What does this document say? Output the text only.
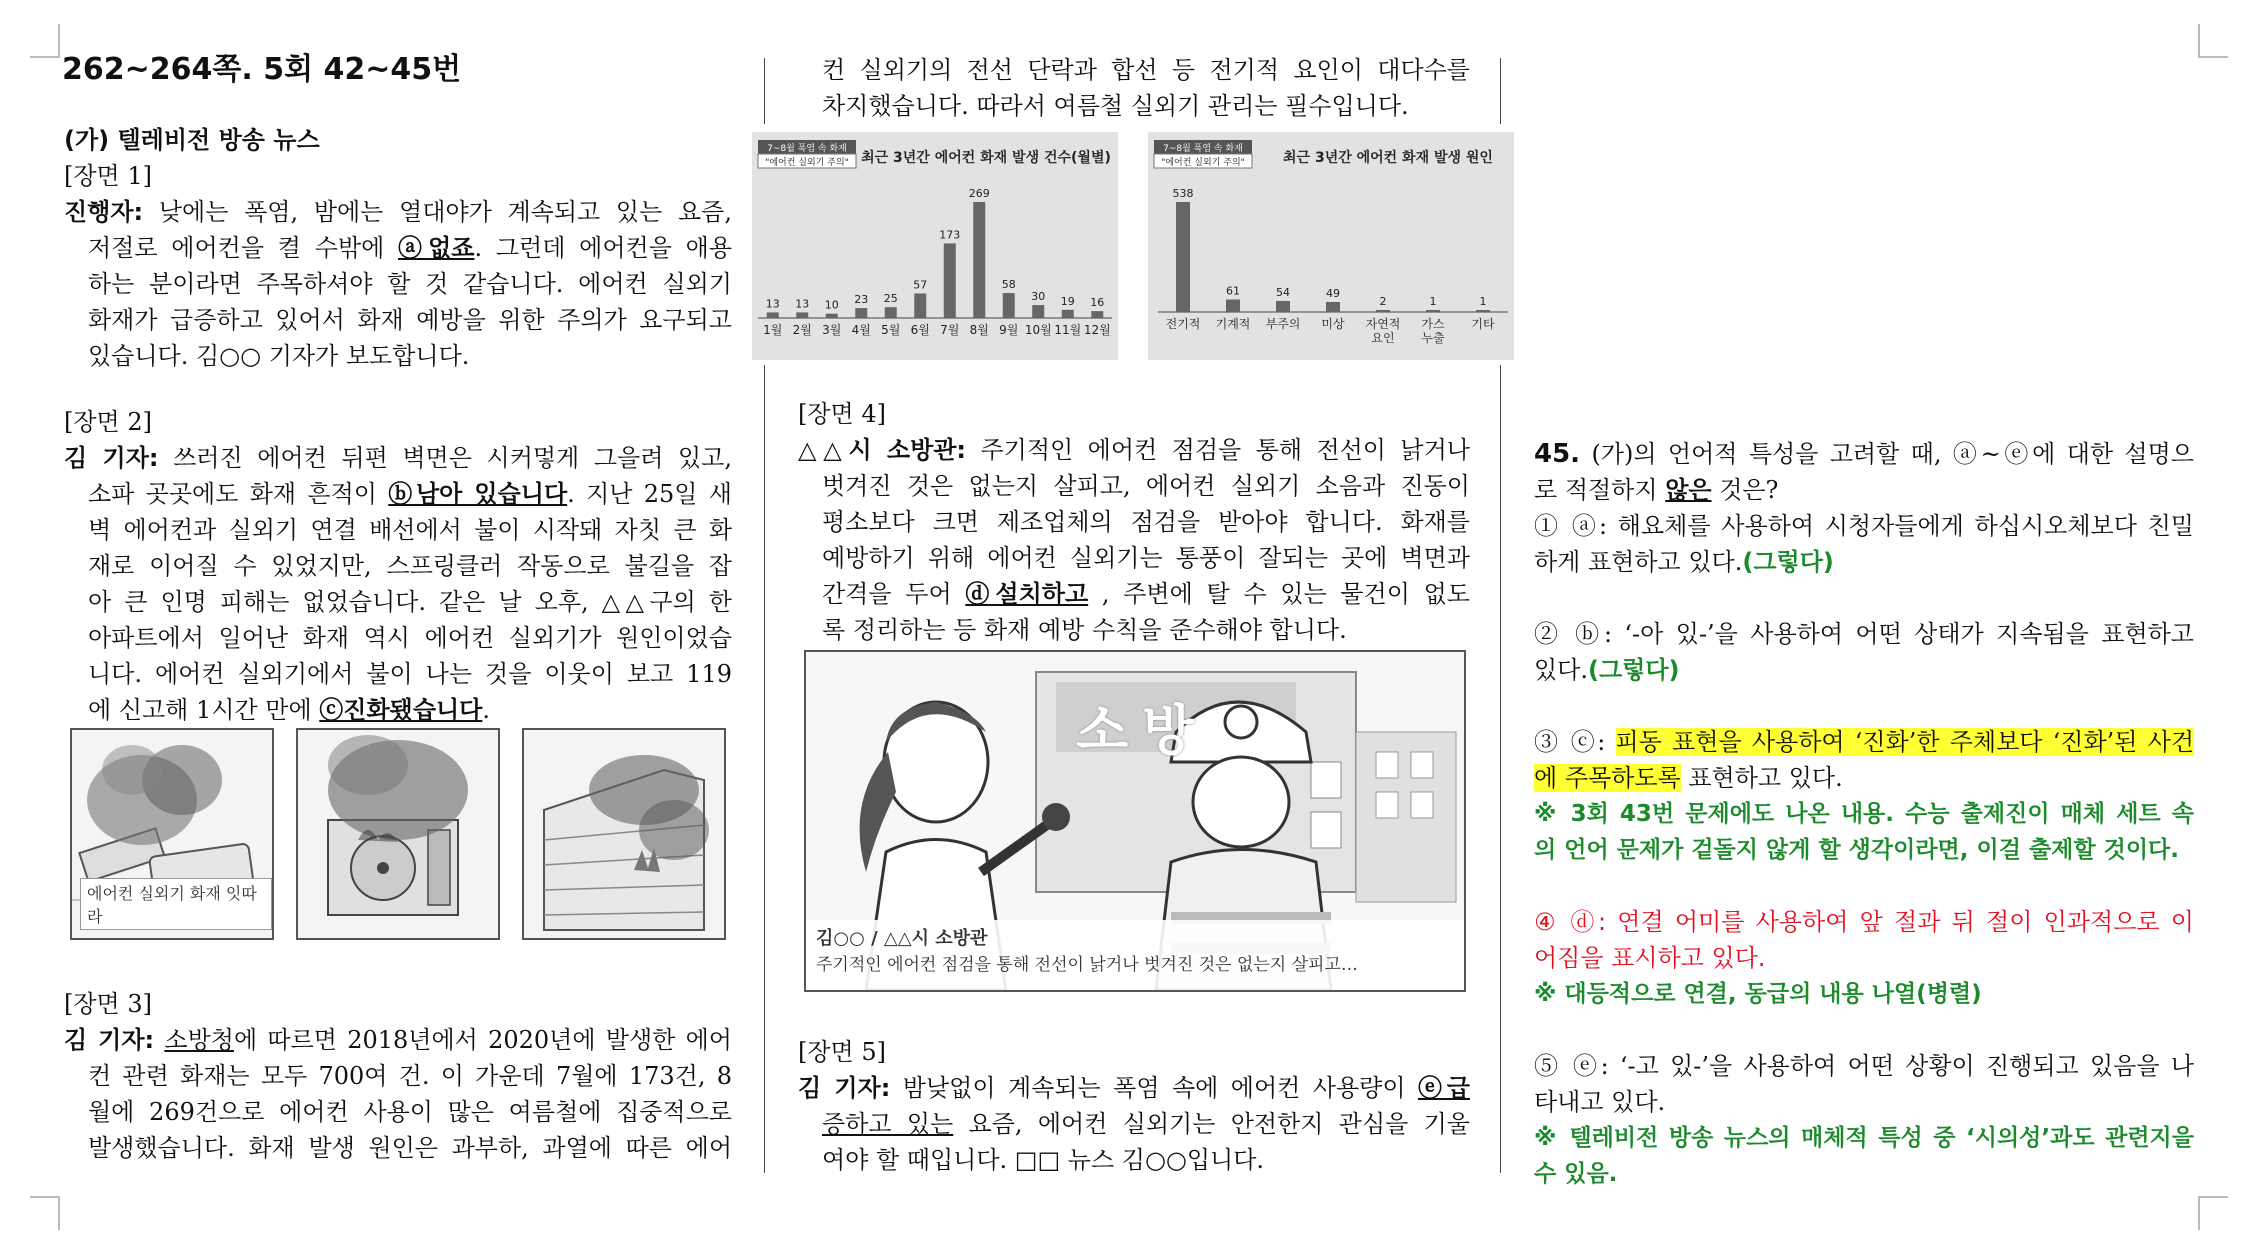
262~264쪽. 5회 42~45번
(가) 텔레비전 방송 뉴스
[장면 1]
진행자: 낮에는 폭염, 밤에는 열대야가 계속되고 있는 요즘,
저절로 에어컨을 켤 수밖에 ⓐ없죠. 그런데 에어컨을 애용
하는 분이라면 주목하셔야 할 것 같습니다. 에어컨 실외기
화재가 급증하고 있어서 화재 예방을 위한 주의가 요구되고
있습니다. 김○○ 기자가 보도합니다.
[장면 2]
김 기자: 쓰러진 에어컨 뒤편 벽면은 시커멓게 그을려 있고,
소파 곳곳에도 화재 흔적이 ⓑ남아 있습니다. 지난 25일 새
벽 에어컨과 실외기 연결 배선에서 불이 시작돼 자칫 큰 화
재로 이어질 수 있었지만, 스프링클러 작동으로 불길을 잡
아 큰 인명 피해는 없었습니다. 같은 날 오후, △△구의 한
아파트에서 일어난 화재 역시 에어컨 실외기가 원인이었습
니다. 에어컨 실외기에서 불이 나는 것을 이웃이 보고 119
에 신고해 1시간 만에 ⓒ진화됐습니다.
에어컨 실외기 화재 잇따라
[장면 3]
김 기자: 소방청에 따르면 2018년에서 2020년에 발생한 에어
컨 관련 화재는 모두 700여 건. 이 가운데 7월에 173건, 8
월에 269건으로 에어컨 사용이 많은 여름철에 집중적으로
발생했습니다. 화재 발생 원인은 과부하, 과열에 따른 에어
컨 실외기의 전선 단락과 합선 등 전기적 요인이 대다수를
차지했습니다. 따라서 여름철 실외기 관리는 필수입니다.
7~8월 폭염 속 화재
"에어컨 실외기 주의" 최근 3년간 에어컨 화재 발생 건수(월별)
13
1월
13
2월
10
3월
23
4월
25
5월
57
6월
173
7월
269
8월
58
9월
30
10월
19
11월
16
12월
7~8월 폭염 속 화재
"에어컨 실외기 주의"	최근 3년간 에어컨 화재 발생 원인
538
전기적
61
기계적
54
부주의
49
미상
2
자연적
요인
1
가스
누출
1
기타
[장면 4]
△△시 소방관: 주기적인 에어컨 점검을 통해 전선이 낡거나
벗겨진 것은 없는지 살피고, 에어컨 실외기 소음과 진동이
평소보다 크면 제조업체의 점검을 받아야 합니다. 화재를
예방하기 위해 에어컨 실외기는 통풍이 잘되는 곳에 벽면과
간격을 두어 ⓓ설치하고 , 주변에 탈 수 있는 물건이 없도
록 정리하는 등 화재 예방 수칙을 준수해야 합니다.
소방
김○○ / △△시 소방관
주기적인 에어컨 점검을 통해 전선이 낡거나 벗겨진 것은 없는지 살피고…
[장면 5]
김 기자: 밤낮없이 계속되는 폭염 속에 에어컨 사용량이 ⓔ급
증하고 있는 요즘, 에어컨 실외기는 안전한지 관심을 기울
여야 할 때입니다. □□ 뉴스 김○○입니다.
45. (가)의 언어적 특성을 고려할 때, ⓐ~ⓔ에 대한 설명으
로 적절하지 않은 것은?
① ⓐ: 해요체를 사용하여 시청자들에게 하십시오체보다 친밀
하게 표현하고 있다.(그렇다)
② ⓑ: ‘-아 있-’을 사용하여 어떤 상태가 지속됨을 표현하고
있다.(그렇다)
③ ⓒ: 피동 표현을 사용하여 ‘진화’한 주체보다 ‘진화’된 사건
에 주목하도록 표현하고 있다.
※ 3회 43번 문제에도 나온 내용. 수능 출제진이 매체 세트 속
의 언어 문제가 겉돌지 않게 할 생각이라면, 이걸 출제할 것이다.
④ ⓓ: 연결 어미를 사용하여 앞 절과 뒤 절이 인과적으로 이
어짐을 표시하고 있다.
※ 대등적으로 연결, 동급의 내용 나열(병렬)
⑤ ⓔ: ‘-고 있-’을 사용하여 어떤 상황이 진행되고 있음을 나
타내고 있다.
※ 텔레비전 방송 뉴스의 매체적 특성 중 ‘시의성’과도 관련지을
수 있음.
